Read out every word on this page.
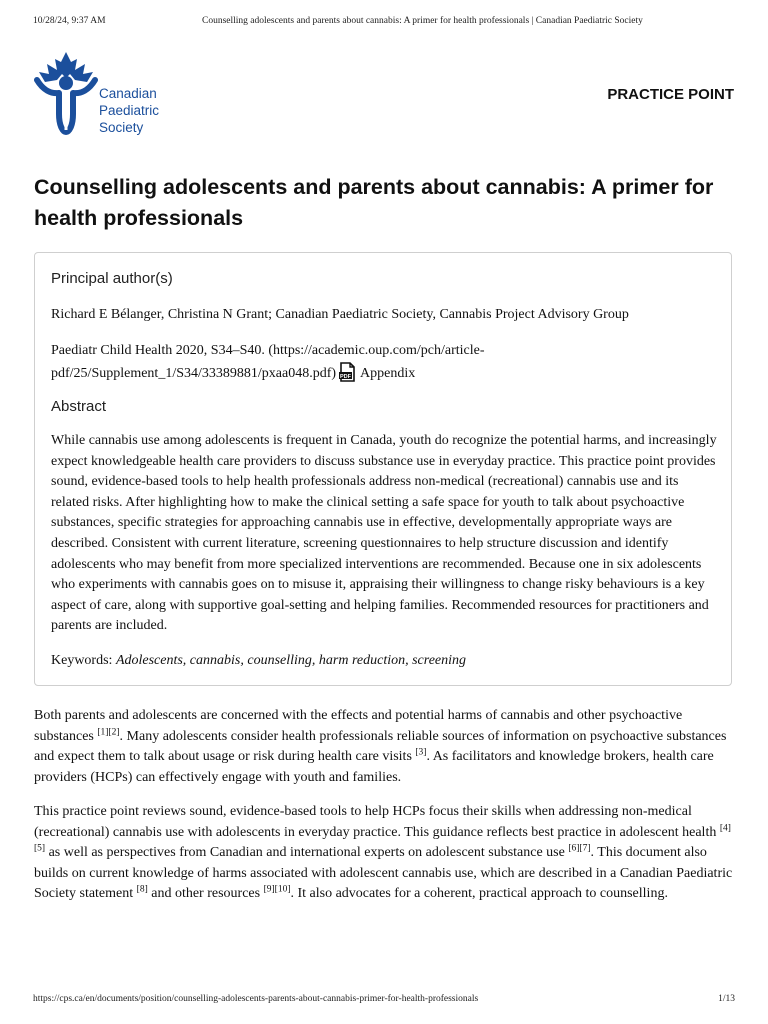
10/28/24, 9:37 AM	Counselling adolescents and parents about cannabis: A primer for health professionals | Canadian Paediatric Society
Canadian
Paediatric
Society
PRACTICE POINT
Counselling adolescents and parents about cannabis: A primer for health professionals
Principal author(s)
Richard E Bélanger, Christina N Grant; Canadian Paediatric Society, Cannabis Project Advisory Group
Paediatr Child Health 2020, S34–S40. (https://academic.oup.com/pch/article-pdf/25/Supplement_1/S34/33389881/pxaa048.pdf) PDF Appendix
Abstract
While cannabis use among adolescents is frequent in Canada, youth do recognize the potential harms, and increasingly expect knowledgeable health care providers to discuss substance use in everyday practice. This practice point provides sound, evidence-based tools to help health professionals address non-medical (recreational) cannabis use and its related risks. After highlighting how to make the clinical setting a safe space for youth to talk about psychoactive substances, specific strategies for approaching cannabis use in effective, developmentally appropriate ways are described. Consistent with current literature, screening questionnaires to help structure discussion and identify adolescents who may benefit from more specialized interventions are recommended. Because one in six adolescents who experiments with cannabis goes on to misuse it, appraising their willingness to change risky behaviours is a key aspect of care, along with supportive goal-setting and helping families. Recommended resources for practitioners and parents are included.
Keywords: Adolescents, cannabis, counselling, harm reduction, screening

Both parents and adolescents are concerned with the effects and potential harms of cannabis and other psychoactive substances [1][2]. Many adolescents consider health professionals reliable sources of information on psychoactive substances and expect them to talk about usage or risk during health care visits [3]. As facilitators and knowledge brokers, health care providers (HCPs) can effectively engage with youth and families.

This practice point reviews sound, evidence-based tools to help HCPs focus their skills when addressing non-medical (recreational) cannabis use with adolescents in everyday practice. This guidance reflects best practice in adolescent health [4][5] as well as perspectives from Canadian and international experts on adolescent substance use [6][7]. This document also builds on current knowledge of harms associated with adolescent cannabis use, which are described in a Canadian Paediatric Society statement [8] and other resources [9][10]. It also advocates for a coherent, practical approach to counselling.

https://cps.ca/en/documents/position/counselling-adolescents-parents-about-cannabis-primer-for-health-professionals	1/13
